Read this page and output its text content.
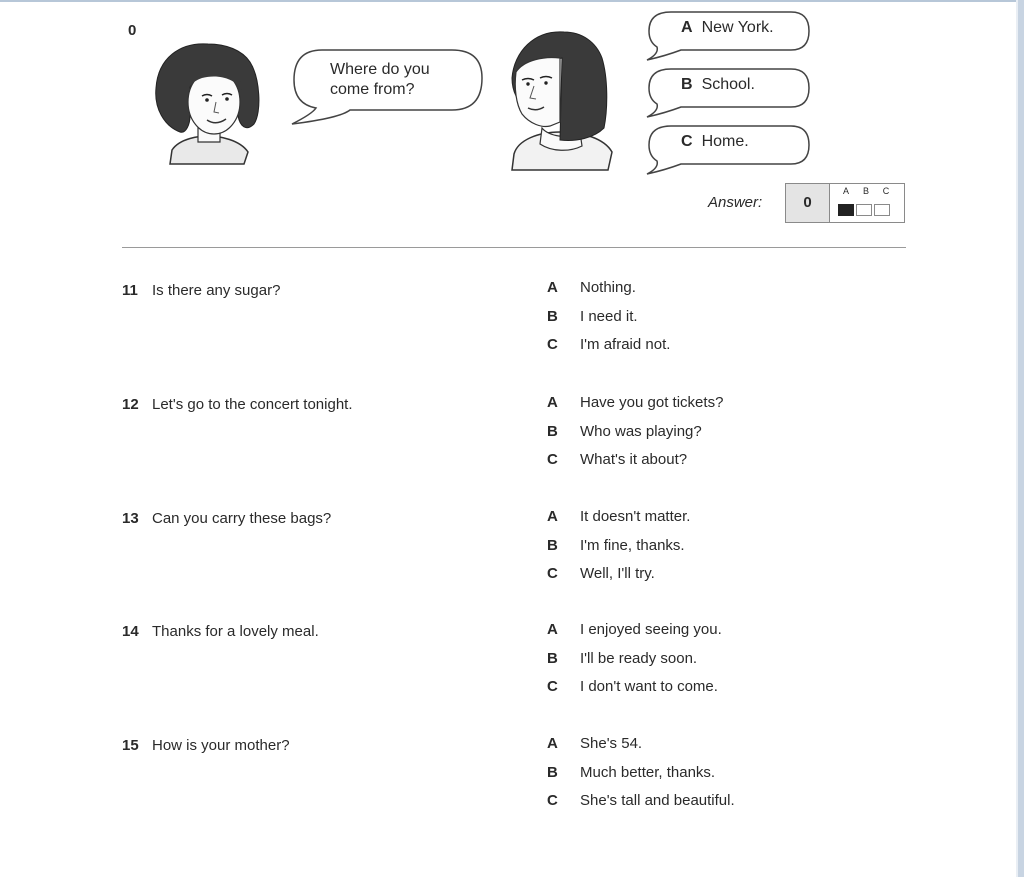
0
Where do you
come from?
A New York.
B School.
C Home.
Answer:	0
A B C
11 Is there any sugar?	A Nothing.
B I need it.
C I'm afraid not.
12 Let's go to the concert tonight.	A Have you got tickets?
B Who was playing?
C What's it about?
13 Can you carry these bags?	A It doesn't matter.
B I'm fine, thanks.
C Well, I'll try.
14 Thanks for a lovely meal.	A I enjoyed seeing you.
B I'll be ready soon.
C I don't want to come.
15 How is your mother?	A She's 54.
B Much better, thanks.
C She's tall and beautiful.
